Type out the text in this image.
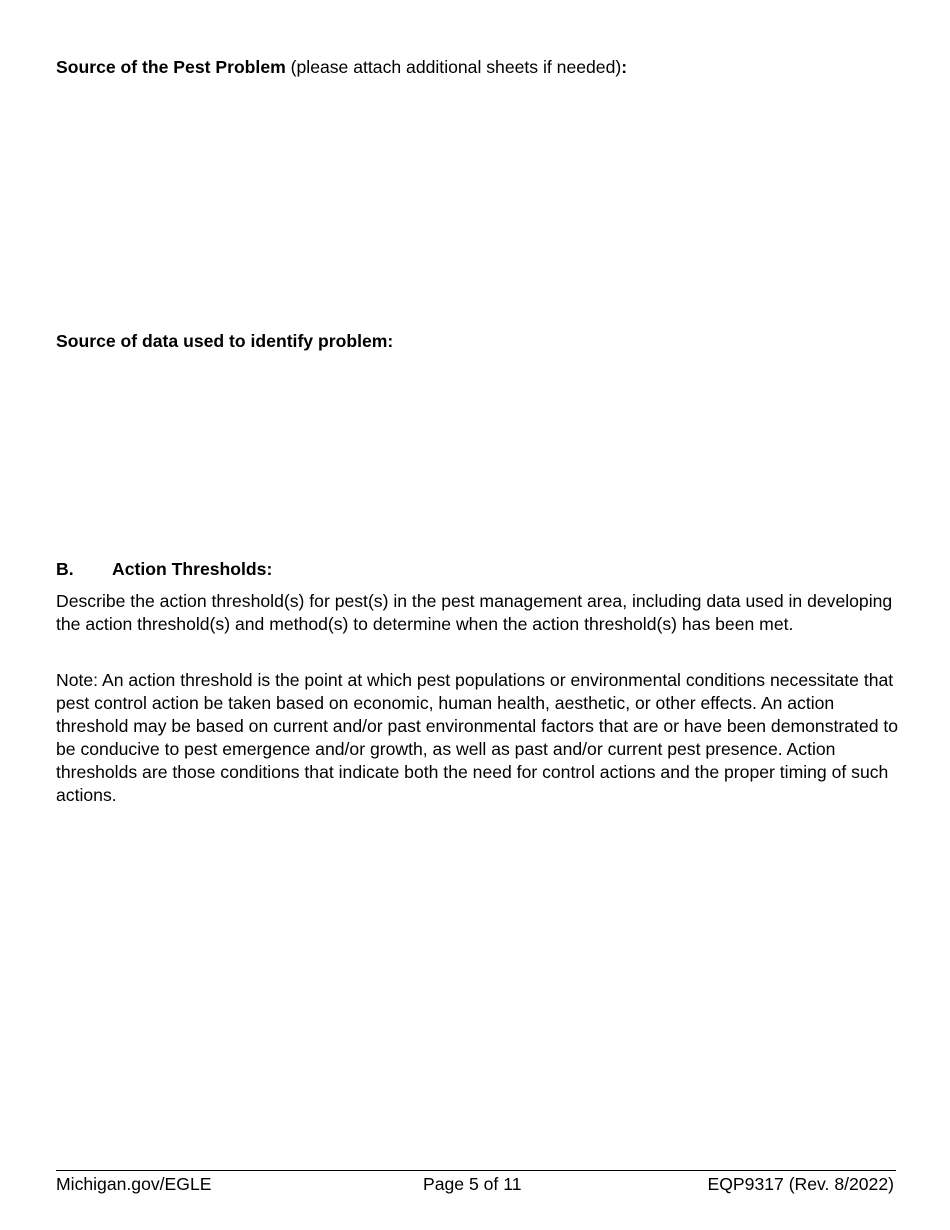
Source of the Pest Problem (please attach additional sheets if needed):
Source of data used to identify problem:
B. Action Thresholds:

Describe the action threshold(s) for pest(s) in the pest management area, including data used in developing the action threshold(s) and method(s) to determine when the action threshold(s) has been met.

Note: An action threshold is the point at which pest populations or environmental conditions necessitate that pest control action be taken based on economic, human health, aesthetic, or other effects. An action threshold may be based on current and/or past environmental factors that are or have been demonstrated to be conducive to pest emergence and/or growth, as well as past and/or current pest presence. Action thresholds are those conditions that indicate both the need for control actions and the proper timing of such actions.

Michigan.gov/EGLE	Page 5 of 11	EQP9317 (Rev. 8/2022)
